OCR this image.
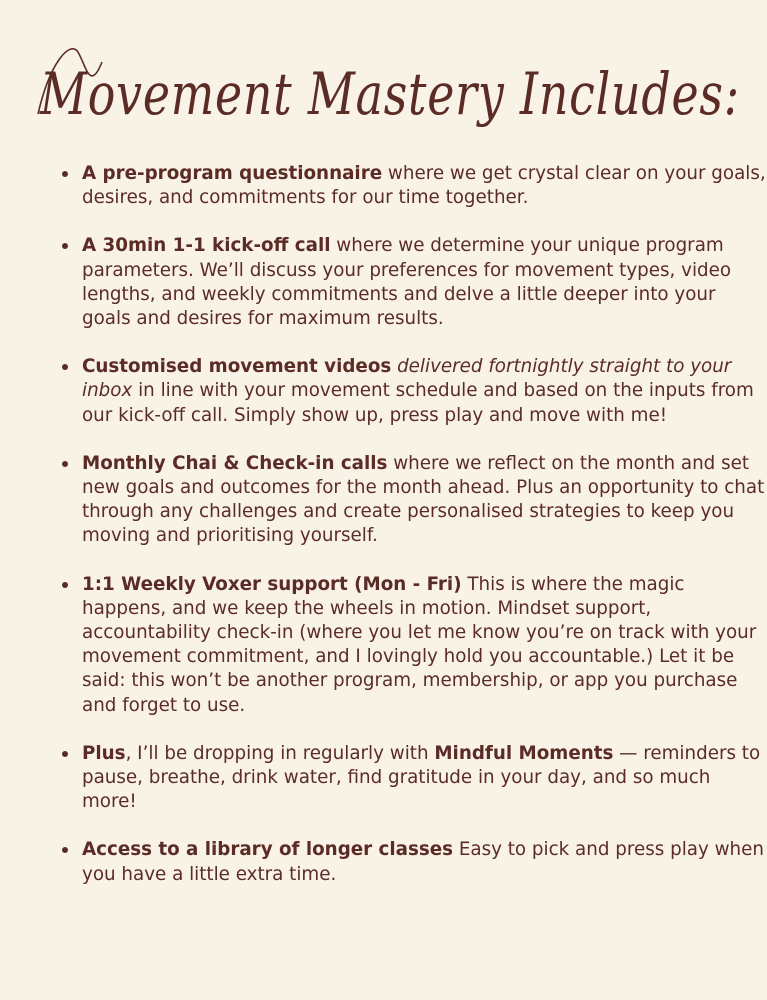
Movement Mastery Includes:
A pre-program questionnaire where we get crystal clear on your goals, desires, and commitments for our time together.
A 30min 1-1 kick-off call where we determine your unique program parameters. We’ll discuss your preferences for movement types, video lengths, and weekly commitments and delve a little deeper into your goals and desires for maximum results.
Customised movement videos delivered fortnightly straight to your inbox in line with your movement schedule and based on the inputs from our kick-off call. Simply show up, press play and move with me!
Monthly Chai & Check-in calls where we reflect on the month and set new goals and outcomes for the month ahead. Plus an opportunity to chat through any challenges and create personalised strategies to keep you moving and prioritising yourself.
1:1 Weekly Voxer support (Mon - Fri) This is where the magic happens, and we keep the wheels in motion. Mindset support, accountability check-in (where you let me know you’re on track with your movement commitment, and I lovingly hold you accountable.) Let it be said: this won’t be another program, membership, or app you purchase and forget to use.
Plus, I’ll be dropping in regularly with Mindful Moments — reminders to pause, breathe, drink water, find gratitude in your day, and so much more!
Access to a library of longer classes Easy to pick and press play when you have a little extra time.
